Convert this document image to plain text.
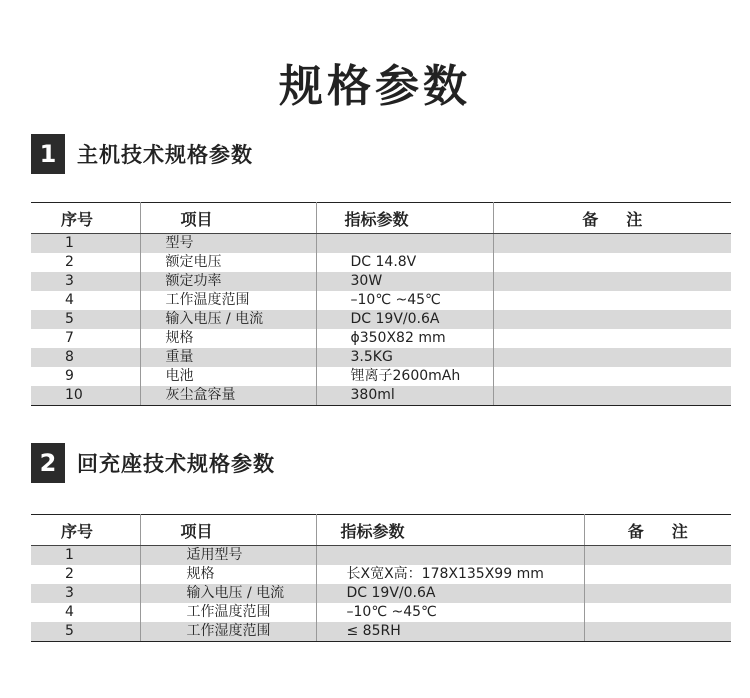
规格参数
1 主机技术规格参数
序号	项目	指标参数	备注
1	型号		
2	额定电压	DC 14.8V	
3	额定功率	30W	
4	工作温度范围	–10℃ ~45℃	
5	输入电压 / 电流	DC 19V/0.6A	
7	规格	ϕ350X82 mm	
8	重量	3.5KG	
9	电池	锂离子2600mAh	
10	灰尘盒容量	380ml	
2 回充座技术规格参数
序号	项目	指标参数	备注
1	适用型号		
2	规格	长X宽X高：178X135X99 mm	
3	输入电压 / 电流	DC 19V/0.6A	
4	工作温度范围	–10℃ ~45℃	
5	工作湿度范围	≤ 85RH	
